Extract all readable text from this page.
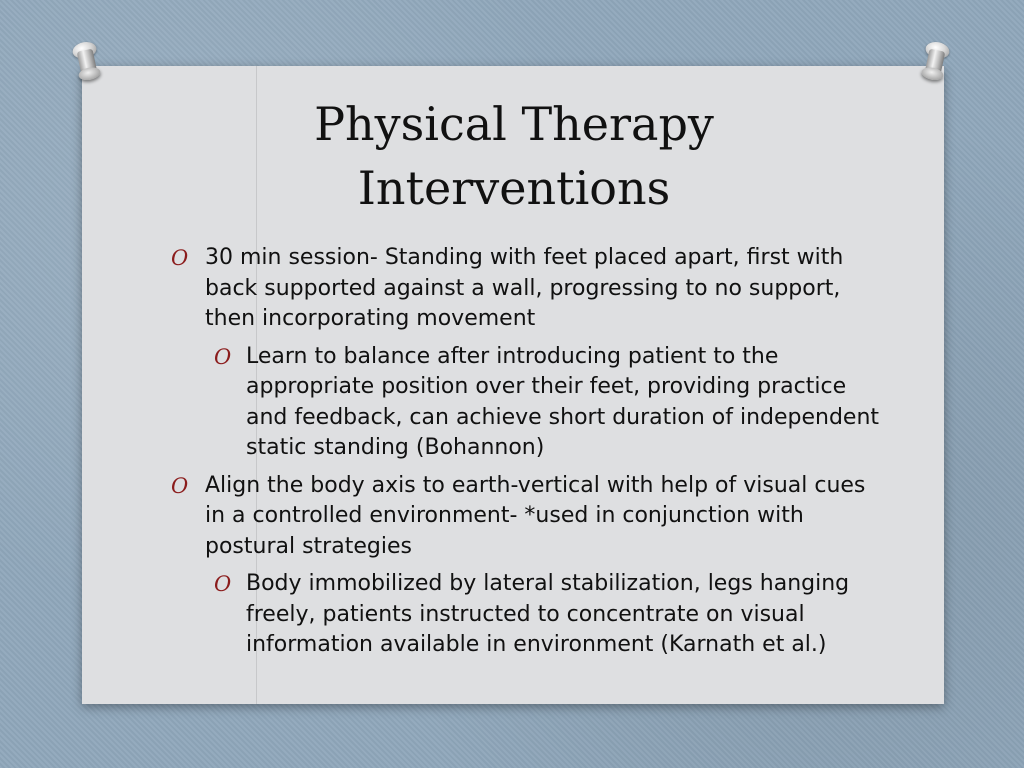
Physical Therapy
Interventions
O 30 min session- Standing with feet placed apart, first with back supported against a wall, progressing to no support, then incorporating movement
O Learn to balance after introducing patient to the appropriate position over their feet, providing practice and feedback, can achieve short duration of independent static standing (Bohannon)
O Align the body axis to earth-vertical with help of visual cues in a controlled environment- *used in conjunction with postural strategies
O Body immobilized by lateral stabilization, legs hanging freely, patients instructed to concentrate on visual information available in environment (Karnath et al.)
